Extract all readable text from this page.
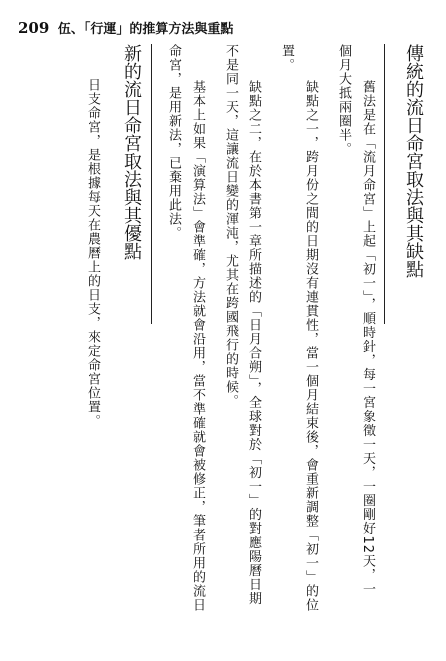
209 伍、「行運」的推算方法與重點
傳統的流日命宮取法與其缺點
舊法是在「流月命宮」上起「初一」，順時針，每一宮象徵一天，一圈剛好12天，一
個月大抵兩圈半。
缺點之一，跨月份之間的日期沒有連貫性，當一個月結束後，會重新調整「初一」的位
置。
缺點之二，在於本書第一章所描述的「日月合朔」，全球對於「初一」的對應陽曆日期
不是同一天，這讓流日變的渾沌，尤其在跨國飛行的時候。
基本上如果「演算法」會準確，方法就會沿用，當不準確就會被修正，筆者所用的流日
命宮，是用新法，已棄用此法。
新的流日命宮取法與其優點
日支命宮，是根據每天在農曆上的日支，來定命宮位置。
